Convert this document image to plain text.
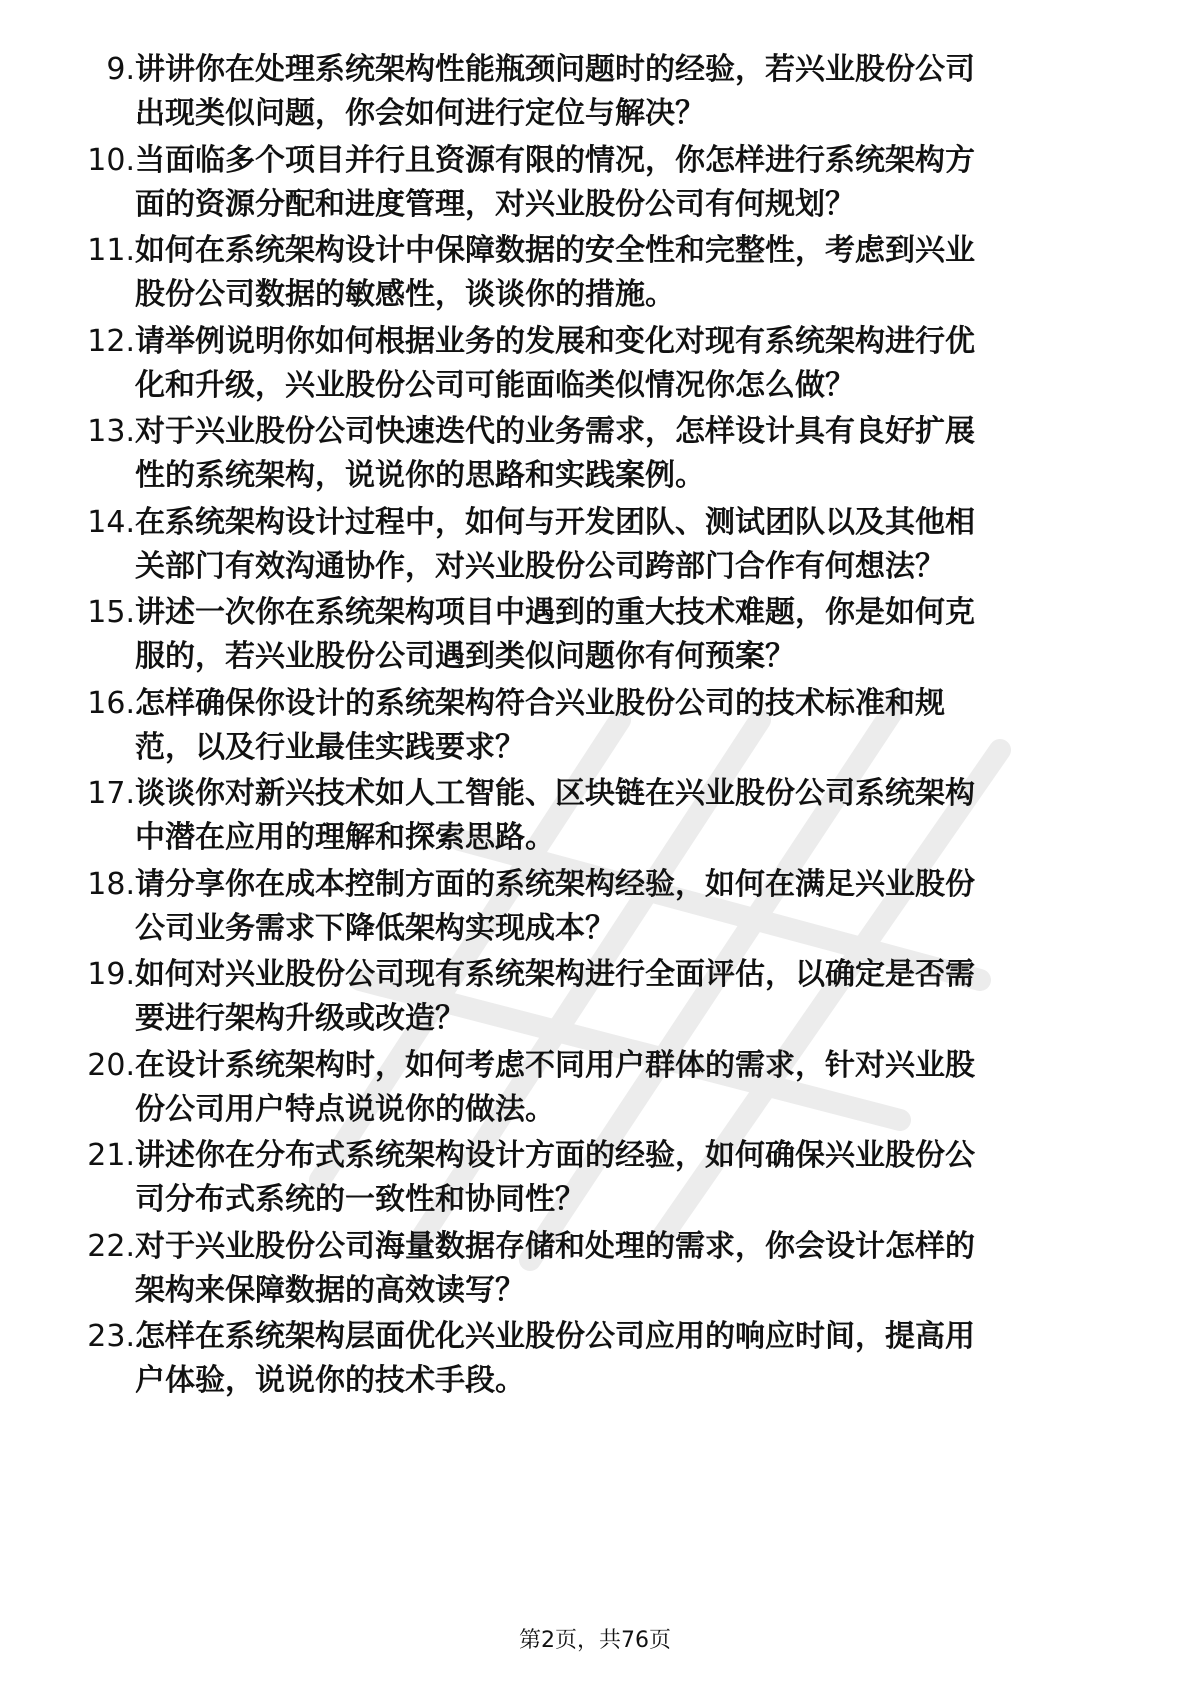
9. 讲讲你在处理系统架构性能瓶颈问题时的经验，若兴业股份公司
出现类似问题，你会如何进行定位与解决？
10. 当面临多个项目并行且资源有限的情况，你怎样进行系统架构方
面的资源分配和进度管理，对兴业股份公司有何规划？
11. 如何在系统架构设计中保障数据的安全性和完整性，考虑到兴业
股份公司数据的敏感性，谈谈你的措施。
12. 请举例说明你如何根据业务的发展和变化对现有系统架构进行优
化和升级，兴业股份公司可能面临类似情况你怎么做？
13. 对于兴业股份公司快速迭代的业务需求，怎样设计具有良好扩展
性的系统架构，说说你的思路和实践案例。
14. 在系统架构设计过程中，如何与开发团队、测试团队以及其他相
关部门有效沟通协作，对兴业股份公司跨部门合作有何想法？
15. 讲述一次你在系统架构项目中遇到的重大技术难题，你是如何克
服的，若兴业股份公司遇到类似问题你有何预案？
16. 怎样确保你设计的系统架构符合兴业股份公司的技术标准和规
范，以及行业最佳实践要求？
17. 谈谈你对新兴技术如人工智能、区块链在兴业股份公司系统架构
中潜在应用的理解和探索思路。
18. 请分享你在成本控制方面的系统架构经验，如何在满足兴业股份
公司业务需求下降低架构实现成本？
19. 如何对兴业股份公司现有系统架构进行全面评估，以确定是否需
要进行架构升级或改造？
20. 在设计系统架构时，如何考虑不同用户群体的需求，针对兴业股
份公司用户特点说说你的做法。
21. 讲述你在分布式系统架构设计方面的经验，如何确保兴业股份公
司分布式系统的一致性和协同性？
22. 对于兴业股份公司海量数据存储和处理的需求，你会设计怎样的
架构来保障数据的高效读写？
23. 怎样在系统架构层面优化兴业股份公司应用的响应时间，提高用
户体验，说说你的技术手段。
第2页，共76页
